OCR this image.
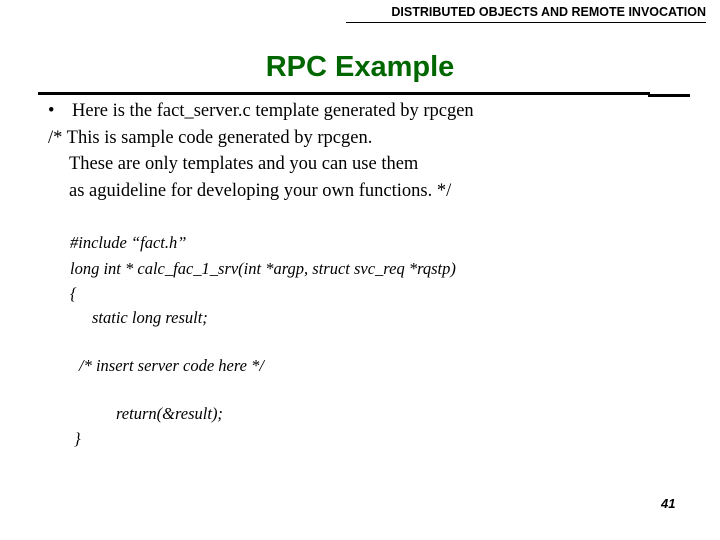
DISTRIBUTED OBJECTS AND REMOTE INVOCATION
RPC Example
• Here is the fact_server.c template generated by rpcgen
/* This is sample code generated by rpcgen.
These are only templates and you can use them
as aguideline for developing your own functions. */
#include “fact.h”
long int * calc_fac_1_srv(int *argp, struct svc_req *rqstp)
{
static long result;
/* insert server code here */
return(&result);
}
41
